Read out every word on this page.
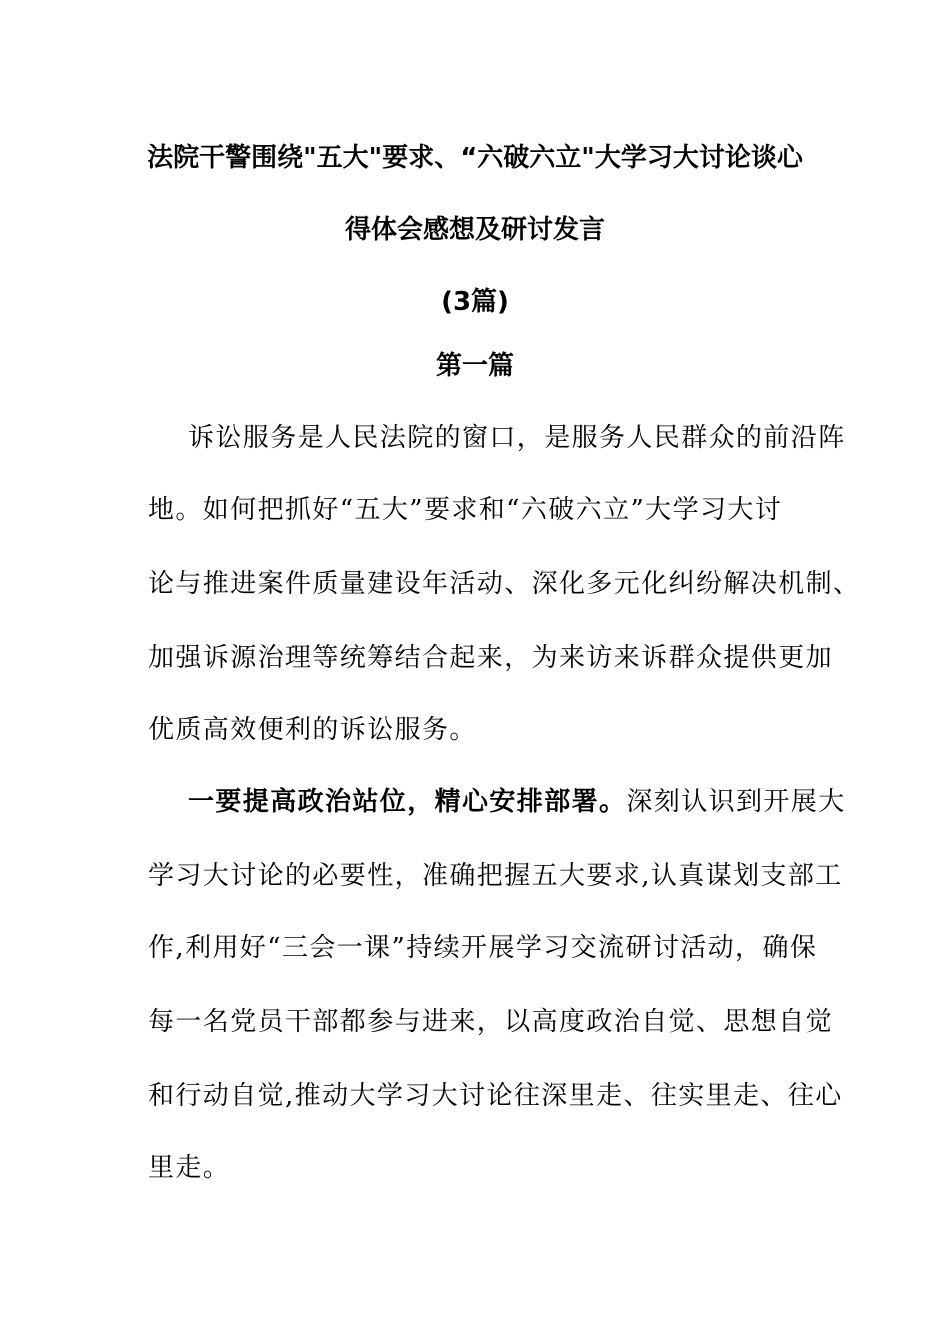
法院干警围绕"五大"要求、“六破六立"大学习大讨论谈心
得体会感想及研讨发言
(3篇)
第一篇
诉讼服务是人民法院的窗口，是服务人民群众的前沿阵
地。如何把抓好“五大”要求和“六破六立”大学习大讨
论与推进案件质量建设年活动、深化多元化纠纷解决机制、
加强诉源治理等统筹结合起来，为来访来诉群众提供更加
优质高效便利的诉讼服务。
一要提高政治站位，精心安排部署。深刻认识到开展大
学习大讨论的必要性，准确把握五大要求,认真谋划支部工
作,利用好“三会一课”持续开展学习交流研讨活动，确保
每一名党员干部都参与进来，以高度政治自觉、思想自觉
和行动自觉,推动大学习大讨论往深里走、往实里走、往心
里走。
